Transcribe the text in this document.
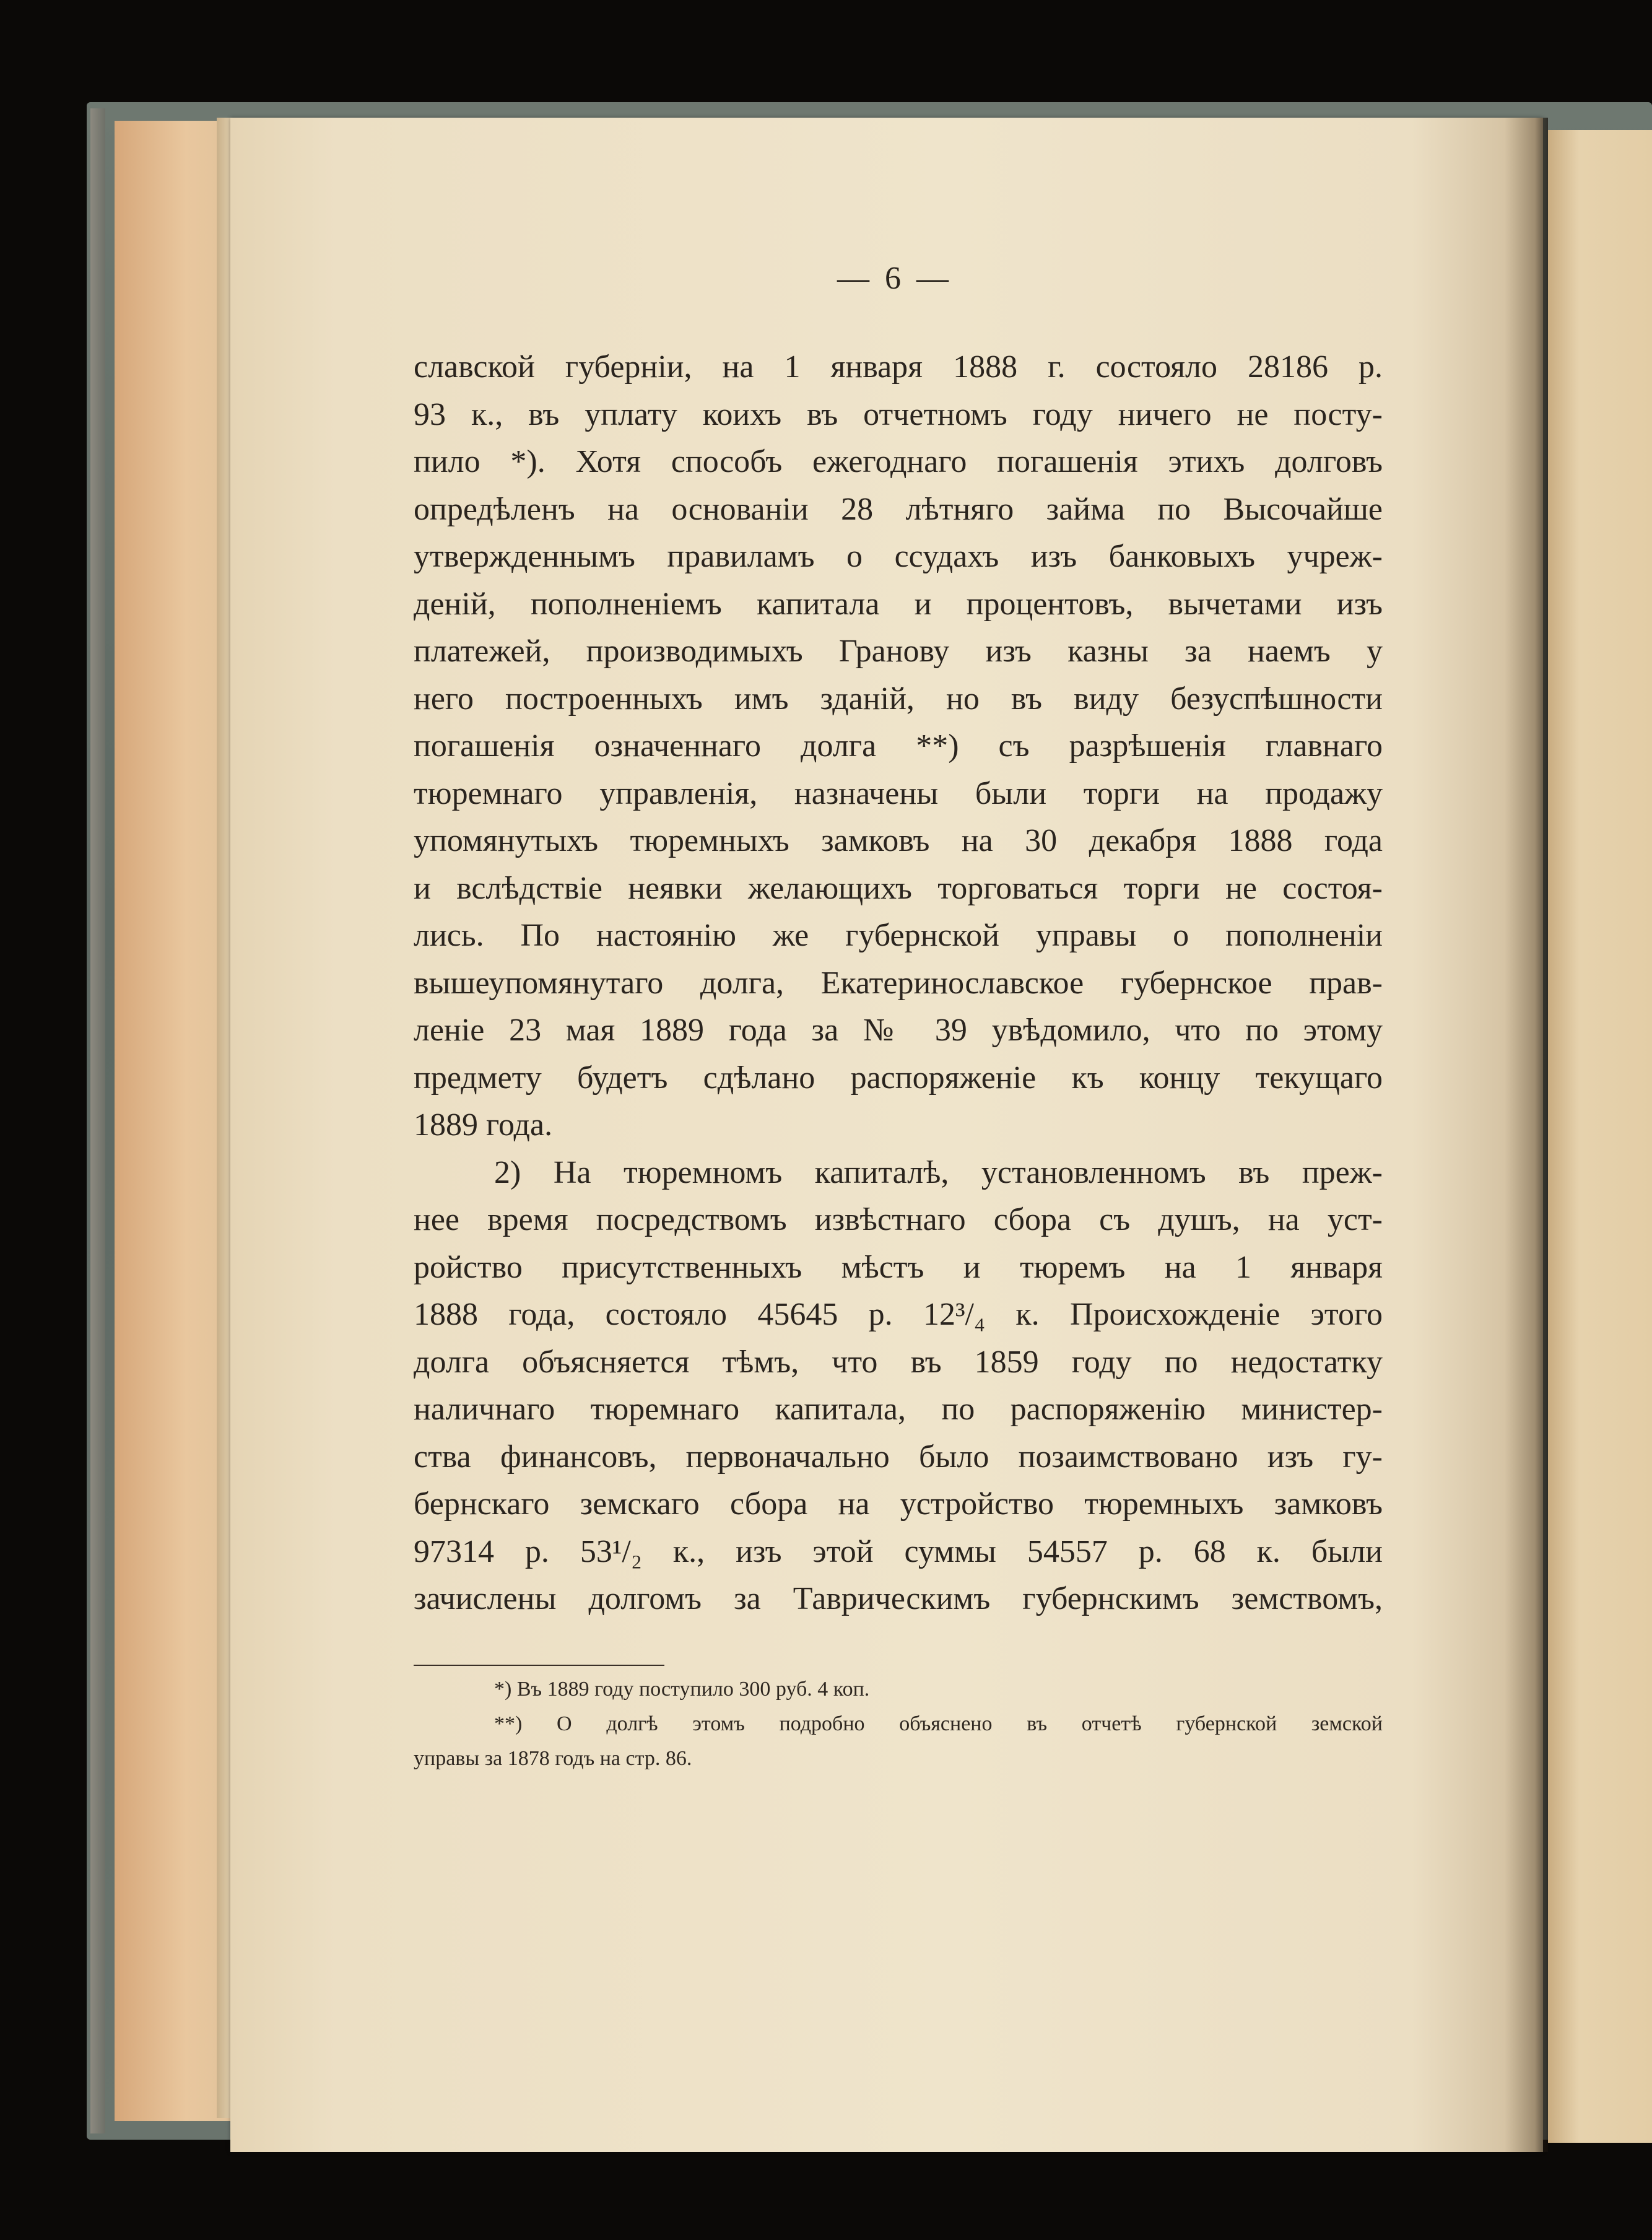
— 6 —
славской губерніи, на 1 января 1888 г. состояло 28186 р.
93 к., въ уплату коихъ въ отчетномъ году ничего не посту-
пило *). Хотя способъ ежегоднаго погашенія этихъ долговъ
опредѣленъ на основаніи 28 лѣтняго займа по Высочайше
утвержденнымъ правиламъ о ссудахъ изъ банковыхъ учреж-
деній, пополненіемъ капитала и процентовъ, вычетами изъ
платежей, производимыхъ Гранову изъ казны за наемъ у
него построенныхъ имъ зданій, но въ виду безуспѣшности
погашенія означеннаго долга **) съ разрѣшенія главнаго
тюремнаго управленія, назначены были торги на продажу
упомянутыхъ тюремныхъ замковъ на 30 декабря 1888 года
и вслѣдствіе неявки желающихъ торговаться торги не состоя-
лись. По настоянію же губернской управы о пополненіи
вышеупомянутаго долга, Екатеринославское губернское прав-
леніе 23 мая 1889 года за № 39 увѣдомило, что по этому
предмету будетъ сдѣлано распоряженіе къ концу текущаго
1889 года.
2) На тюремномъ капиталѣ, установленномъ въ преж-
нее время посредствомъ извѣстнаго сбора съ душъ, на уст-
ройство присутственныхъ мѣстъ и тюремъ на 1 января
1888 года, состояло 45645 р. 12³/₄ к. Происхожденіе этого
долга объясняется тѣмъ, что въ 1859 году по недостатку
наличнаго тюремнаго капитала, по распоряженію министер-
ства финансовъ, первоначально было позаимствовано изъ гу-
бернскаго земскаго сбора на устройство тюремныхъ замковъ
97314 р. 53¹/₂ к., изъ этой суммы 54557 р. 68 к. были
зачислены долгомъ за Таврическимъ губернскимъ земствомъ,
*) Въ 1889 году поступило 300 руб. 4 коп.
**) О долгѣ этомъ подробно объяснено въ отчетѣ губернской земской
управы за 1878 годъ на стр. 86.
